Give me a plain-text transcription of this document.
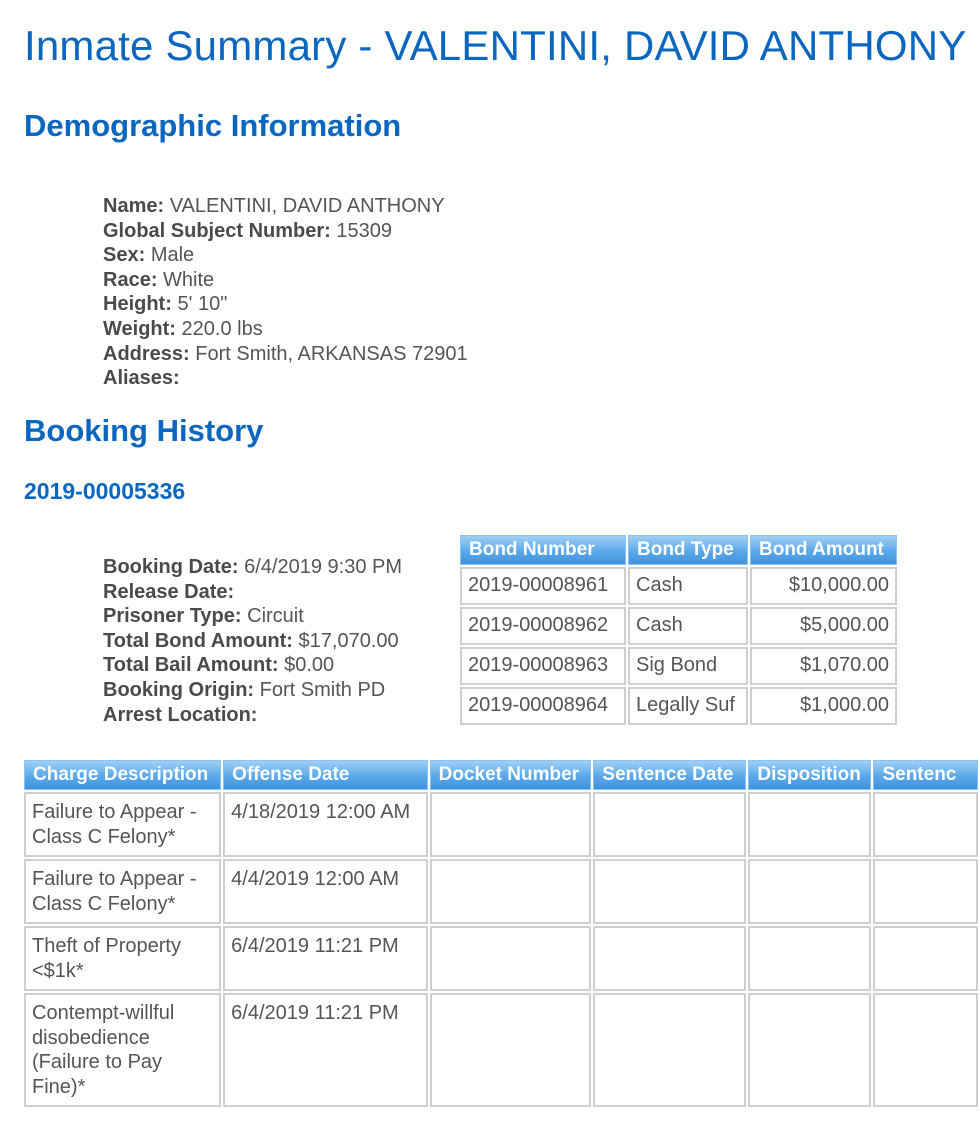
Inmate Summary - VALENTINI, DAVID ANTHONY
Demographic Information
Name: VALENTINI, DAVID ANTHONY
Global Subject Number: 15309
Sex: Male
Race: White
Height: 5' 10"
Weight: 220.0 lbs
Address: Fort Smith, ARKANSAS 72901
Aliases:
Booking History
2019-00005336
Booking Date: 6/4/2019 9:30 PM
Release Date:
Prisoner Type: Circuit
Total Bond Amount: $17,070.00
Total Bail Amount: $0.00
Booking Origin: Fort Smith PD
Arrest Location:
Bond Number	Bond Type	Bond Amount
2019-00008961	Cash	$10,000.00
2019-00008962	Cash	$5,000.00
2019-00008963	Sig Bond	$1,070.00
2019-00008964	Legally Suf	$1,000.00
Charge Description	Offense Date	Docket Number	Sentence Date	Disposition	Sentenc
Failure to Appear - Class C Felony*	4/18/2019 12:00 AM				
Failure to Appear - Class C Felony*	4/4/2019 12:00 AM				
Theft of Property <$1k*	6/4/2019 11:21 PM				
Contempt-willful disobedience (Failure to Pay Fine)*	6/4/2019 11:21 PM				
